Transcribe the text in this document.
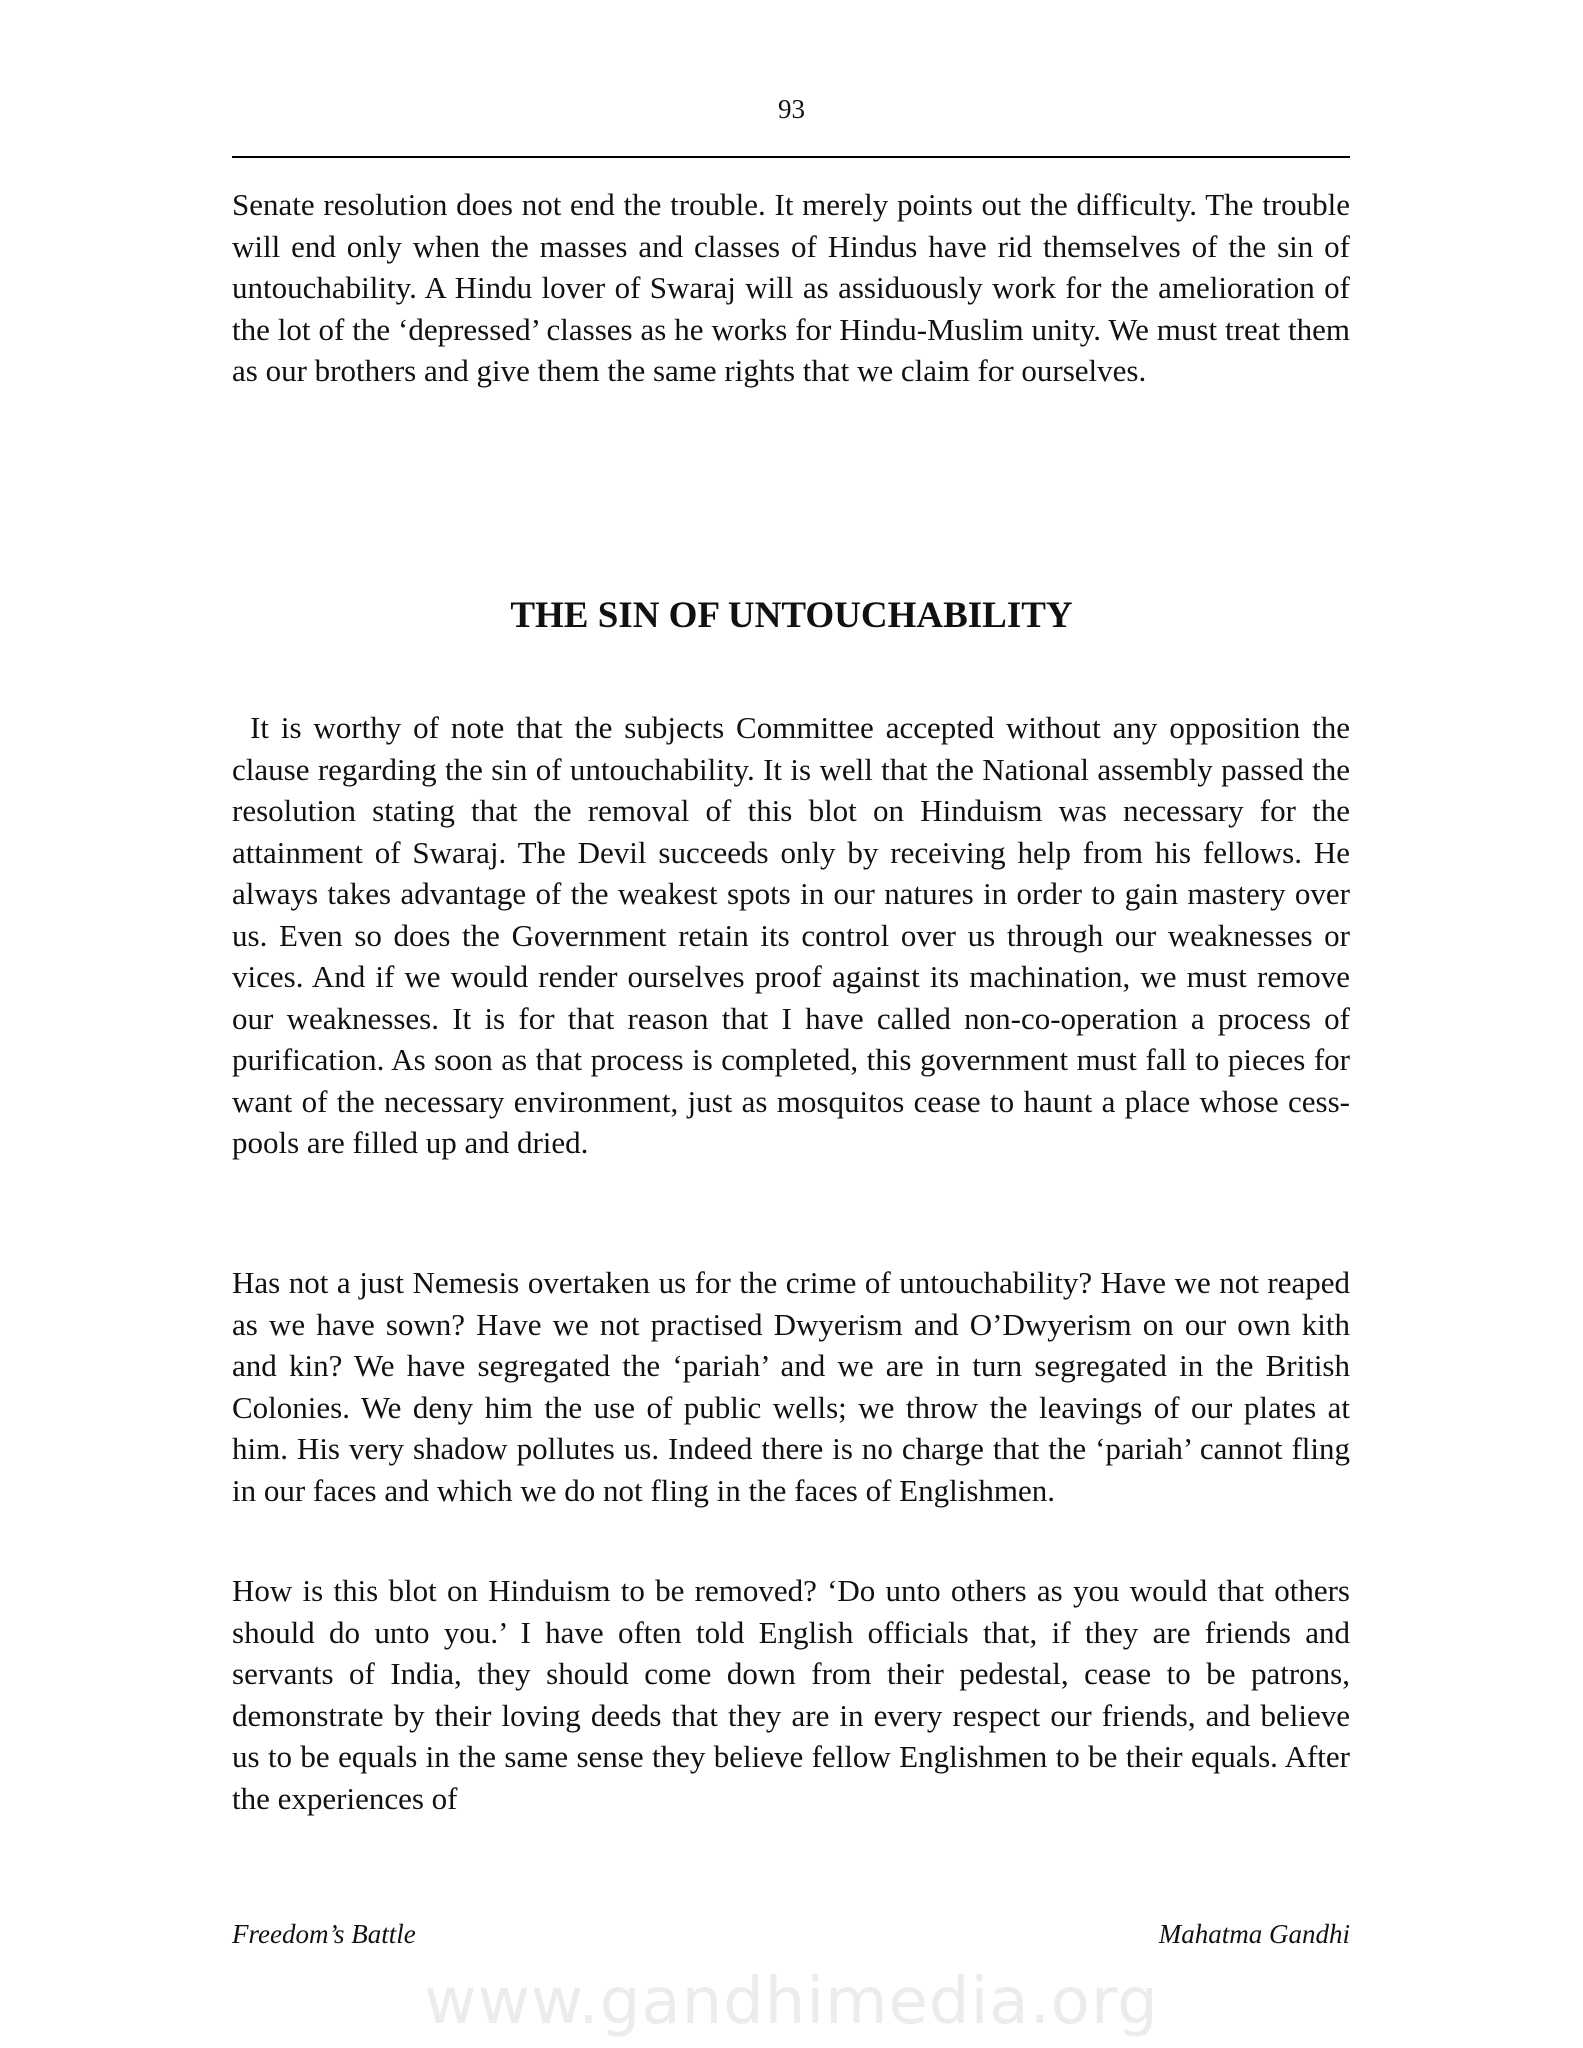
93
Senate resolution does not end the trouble. It merely points out the difficulty. The trouble will end only when the masses and classes of Hindus have rid themselves of the sin of untouchability. A Hindu lover of Swaraj will as assiduously work for the amelioration of the lot of the ‘depressed’ classes as he works for Hindu-Muslim unity. We must treat them as our brothers and give them the same rights that we claim for ourselves.
THE SIN OF UNTOUCHABILITY
It is worthy of note that the subjects Committee accepted without any opposition the clause regarding the sin of untouchability. It is well that the National assembly passed the resolution stating that the removal of this blot on Hinduism was necessary for the attainment of Swaraj. The Devil succeeds only by receiving help from his fellows. He always takes advantage of the weakest spots in our natures in order to gain mastery over us. Even so does the Government retain its control over us through our weaknesses or vices. And if we would render ourselves proof against its machination, we must remove our weaknesses. It is for that reason that I have called non-co-operation a process of purification. As soon as that process is completed, this government must fall to pieces for want of the necessary environment, just as mosquitos cease to haunt a place whose cess-pools are filled up and dried.
Has not a just Nemesis overtaken us for the crime of untouchability? Have we not reaped as we have sown? Have we not practised Dwyerism and O’Dwyerism on our own kith and kin? We have segregated the ‘pariah’ and we are in turn segregated in the British Colonies. We deny him the use of public wells; we throw the leavings of our plates at him. His very shadow pollutes us. Indeed there is no charge that the ‘pariah’ cannot fling in our faces and which we do not fling in the faces of Englishmen.
How is this blot on Hinduism to be removed? ‘Do unto others as you would that others should do unto you.’ I have often told English officials that, if they are friends and servants of India, they should come down from their pedestal, cease to be patrons, demonstrate by their loving deeds that they are in every respect our friends, and believe us to be equals in the same sense they believe fellow Englishmen to be their equals. After the experiences of
Freedom’s Battle	Mahatma Gandhi
www.gandhimedia.org
